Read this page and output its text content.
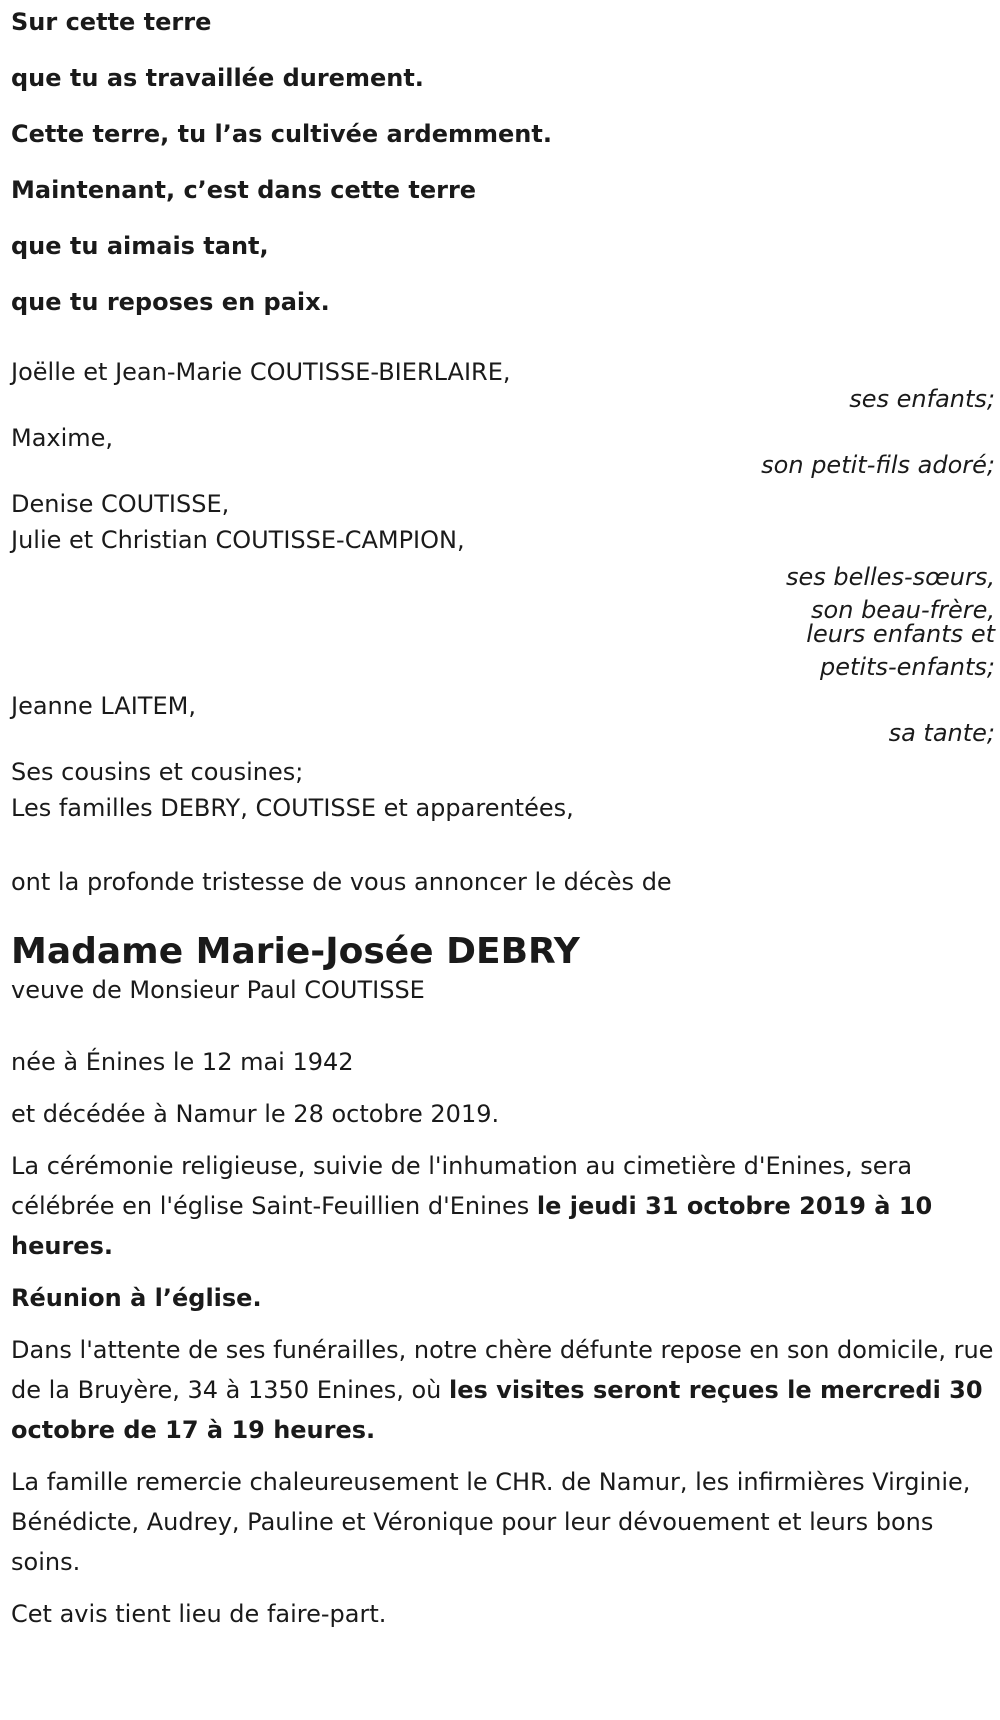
Sur cette terre

que tu as travaillée durement.

Cette terre, tu l’as cultivée ardemment.

Maintenant, c’est dans cette terre

que tu aimais tant,

que tu reposes en paix.

Joëlle et Jean-Marie COUTISSE-BIERLAIRE,
ses enfants;
Maxime,
son petit-fils adoré;
Denise COUTISSE,
Julie et Christian COUTISSE-CAMPION,
ses belles-sœurs,
son beau-frère,
leurs enfants et
petits-enfants;
Jeanne LAITEM,
sa tante;
Ses cousins et cousines;
Les familles DEBRY, COUTISSE et apparentées,

ont la profonde tristesse de vous annoncer le décès de

Madame Marie-Josée DEBRY

veuve de Monsieur Paul COUTISSE

née à Énines le 12 mai 1942

et décédée à Namur le 28 octobre 2019.

La cérémonie religieuse, suivie de l'inhumation au cimetière d'Enines, sera célébrée en l'église Saint-Feuillien d'Enines le jeudi 31 octobre 2019 à 10 heures.

Réunion à l’église.

Dans l'attente de ses funérailles, notre chère défunte repose en son domicile, rue de la Bruyère, 34 à 1350 Enines, où les visites seront reçues le mercredi 30 octobre de 17 à 19 heures.

La famille remercie chaleureusement le CHR. de Namur, les infirmières Virginie, Bénédicte, Audrey, Pauline et Véronique pour leur dévouement et leurs bons soins.

Cet avis tient lieu de faire-part.
